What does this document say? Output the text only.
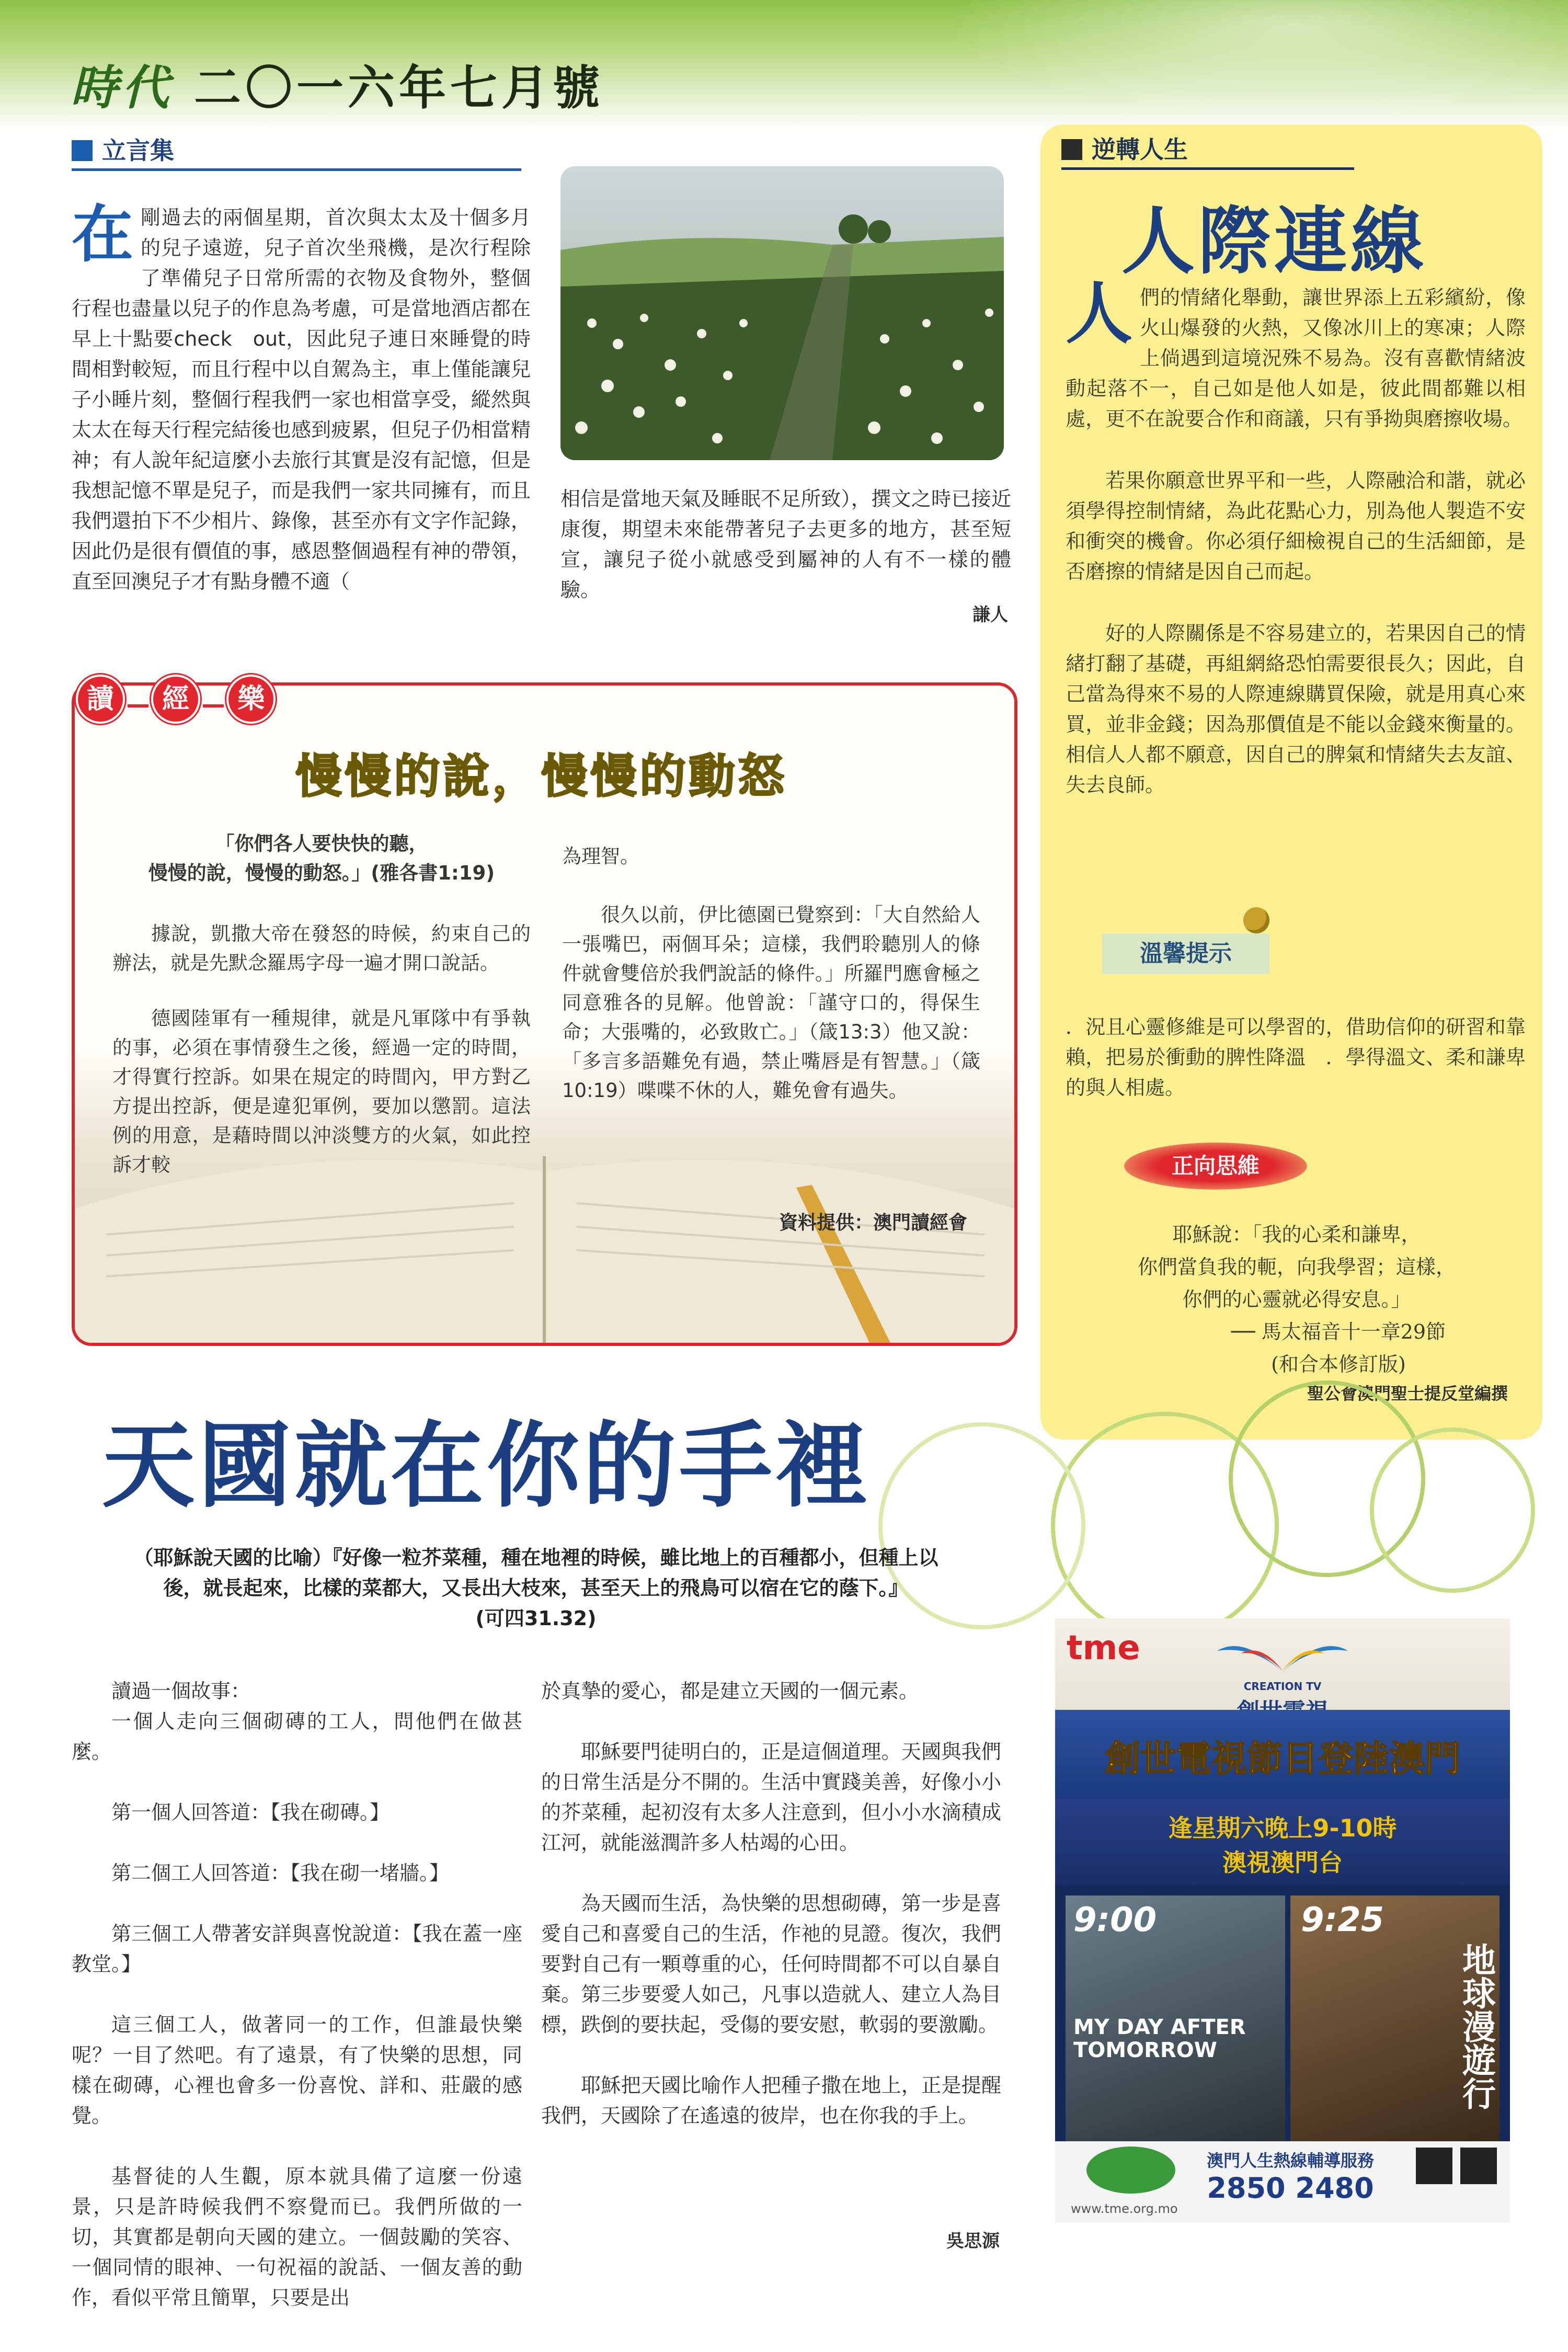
時代 二〇一六年七月號
立言集
在剛過去的兩個星期，首次與太太及十個多月的兒子遠遊，兒子首次坐飛機，是次行程除了準備兒子日常所需的衣物及食物外，整個行程也盡量以兒子的作息為考慮，可是當地酒店都在早上十點要check　out，因此兒子連日來睡覺的時間相對較短，而且行程中以自駕為主，車上僅能讓兒子小睡片刻，整個行程我們一家也相當享受，縱然與太太在每天行程完結後也感到疲累，但兒子仍相當精神；有人說年紀這麼小去旅行其實是沒有記憶，但是我想記憶不單是兒子，而是我們一家共同擁有，而且我們還拍下不少相片、錄像，甚至亦有文字作記錄，因此仍是很有價值的事，感恩整個過程有神的帶領，直至回澳兒子才有點身體不適（
相信是當地天氣及睡眠不足所致），撰文之時已接近康復，期望未來能帶著兒子去更多的地方，甚至短宣，讓兒子從小就感受到屬神的人有不一樣的體驗。
謙人
讀 經 樂
慢慢的說，慢慢的動怒
「你們各人要快快的聽，
慢慢的說，慢慢的動怒。」(雅各書1:19)

據說，凱撒大帝在發怒的時候，約束自己的辦法，就是先默念羅馬字母一遍才開口說話。

德國陸軍有一種規律，就是凡軍隊中有爭執的事，必須在事情發生之後，經過一定的時間，才得實行控訴。如果在規定的時間內，甲方對乙方提出控訴，便是違犯軍例，要加以懲罰。這法例的用意，是藉時間以沖淡雙方的火氣，如此控訴才較

為理智。

很久以前，伊比德園已覺察到：「大自然給人一張嘴巴，兩個耳朵；這樣，我們聆聽別人的條件就會雙倍於我們說話的條件。」所羅門應會極之同意雅各的見解。他曾說：「謹守口的，得保生命；大張嘴的，必致敗亡。」（箴13:3）他又說：「多言多語難免有過，禁止嘴唇是有智慧。」（箴10:19）喋喋不休的人，難免會有過失。

資料提供：澳門讀經會
逆轉人生
人際連線

人們的情緒化舉動，讓世界添上五彩繽紛，像火山爆發的火熱，又像冰川上的寒凍；人際上倘遇到這境況殊不易為。沒有喜歡情緒波動起落不一，自己如是他人如是，彼此間都難以相處，更不在說要合作和商議，只有爭拗與磨擦收場。

若果你願意世界平和一些，人際融洽和諧，就必須學得控制情緒，為此花點心力，別為他人製造不安和衝突的機會。你必須仔細檢視自己的生活細節，是否磨擦的情緒是因自己而起。

好的人際關係是不容易建立的，若果因自己的情緒打翻了基礎，再組網絡恐怕需要很長久；因此，自己當為得來不易的人際連線購買保險，就是用真心來買，並非金錢；因為那價值是不能以金錢來衡量的。相信人人都不願意，因自己的脾氣和情緒失去友誼、失去良師。

溫馨提示
．況且心靈修維是可以學習的，借助信仰的研習和靠賴，把易於衝動的脾性降溫　．學得溫文、柔和謙卑的與人相處。
正向思維
耶穌說：「我的心柔和謙卑，
你們當負我的軛，向我學習；這樣，
你們的心靈就必得安息。」
── 馬太福音十一章29節
(和合本修訂版)
聖公會澳門聖士提反堂編撰
天國就在你的手裡
（耶穌說天國的比喻）『好像一粒芥菜種，種在地裡的時候，雖比地上的百種都小，但種上以
後，就長起來，比樣的菜都大，又長出大枝來，甚至天上的飛鳥可以宿在它的蔭下。』
(可四31.32)

讀過一個故事：

一個人走向三個砌磚的工人，問他們在做甚麼。

第一個人回答道：【我在砌磚。】

第二個工人回答道：【我在砌一堵牆。】

第三個工人帶著安詳與喜悅說道：【我在蓋一座教堂。】

這三個工人，做著同一的工作，但誰最快樂呢？一目了然吧。有了遠景，有了快樂的思想，同樣在砌磚，心裡也會多一份喜悅、詳和、莊嚴的感覺。

基督徒的人生觀，原本就具備了這麼一份遠景，只是許時候我們不察覺而已。我們所做的一切，其實都是朝向天國的建立。一個鼓勵的笑容、一個同情的眼神、一句祝福的說話、一個友善的動作，看似平常且簡單，只要是出

於真摯的愛心，都是建立天國的一個元素。

耶穌要門徒明白的，正是這個道理。天國與我們的日常生活是分不開的。生活中實踐美善，好像小小的芥菜種，起初沒有太多人注意到，但小小水滴積成江河，就能滋潤許多人枯竭的心田。

為天國而生活，為快樂的思想砌磚，第一步是喜愛自己和喜愛自己的生活，作祂的見證。復次，我們要對自己有一顆尊重的心，任何時間都不可以自暴自棄。第三步要愛人如己，凡事以造就人、建立人為目標，跌倒的要扶起，受傷的要安慰，軟弱的要激勵。

耶穌把天國比喻作人把種子撒在地上，正是提醒我們，天國除了在遙遠的彼岸，也在你我的手上。

吳思源
tme
CREATION TV
創世電視節目登陸澳門
逢星期六晚上9-10時
澳視澳門台
9:00	9:25
MY DAY AFTER TOMORROW	地球漫遊行
澳門人生熱線輔導服務
2850 2480
www.tme.org.mo
